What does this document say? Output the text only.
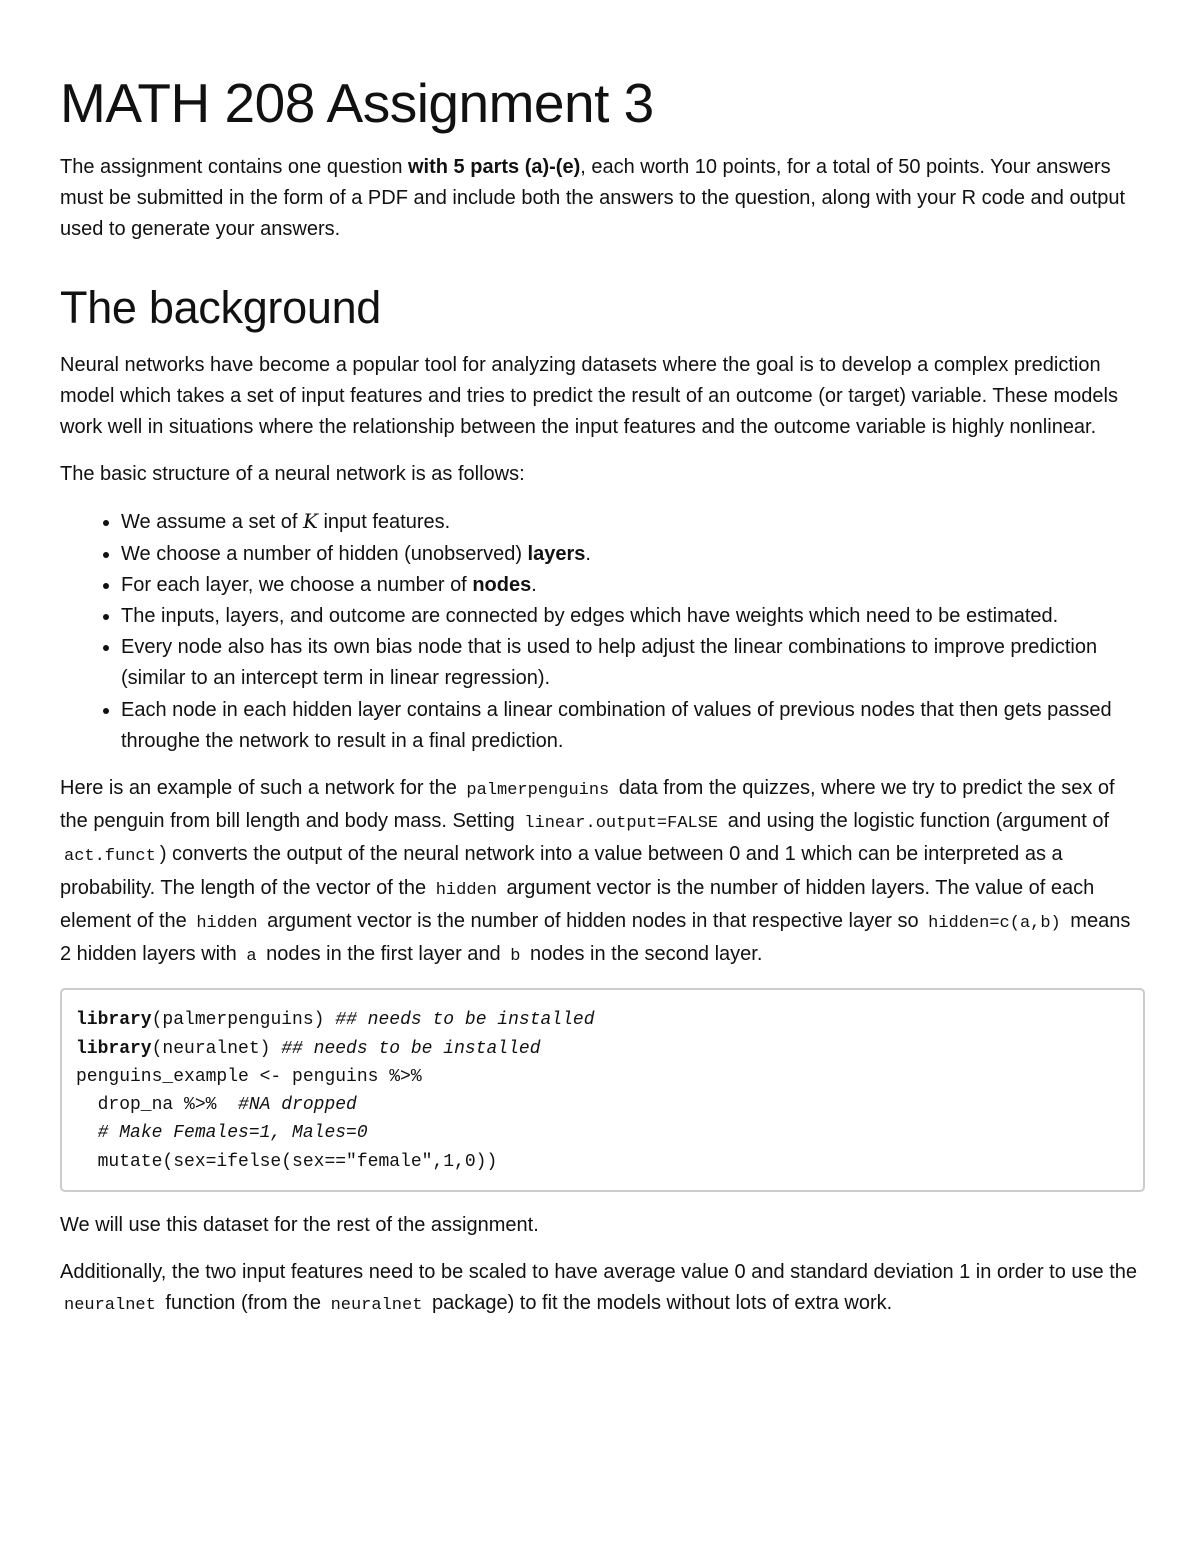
MATH 208 Assignment 3

The assignment contains one question with 5 parts (a)-(e), each worth 10 points, for a total of 50 points. Your answers must be submitted in the form of a PDF and include both the answers to the question, along with your R code and output used to generate your answers.

The background

Neural networks have become a popular tool for analyzing datasets where the goal is to develop a complex prediction model which takes a set of input features and tries to predict the result of an outcome (or target) variable. These models work well in situations where the relationship between the input features and the outcome variable is highly nonlinear.

The basic structure of a neural network is as follows:

• We assume a set of K input features.
• We choose a number of hidden (unobserved) layers.
• For each layer, we choose a number of nodes.
• The inputs, layers, and outcome are connected by edges which have weights which need to be estimated.
• Every node also has its own bias node that is used to help adjust the linear combinations to improve prediction (similar to an intercept term in linear regression).
• Each node in each hidden layer contains a linear combination of values of previous nodes that then gets passed throughe the network to result in a final prediction.

Here is an example of such a network for the palmerpenguins data from the quizzes, where we try to predict the sex of the penguin from bill length and body mass. Setting linear.output=FALSE and using the logistic function (argument of act.funct ) converts the output of the neural network into a value between 0 and 1 which can be interpreted as a probability. The length of the vector of the hidden argument vector is the number of hidden layers. The value of each element of the hidden argument vector is the number of hidden nodes in that respective layer so hidden=c(a,b) means 2 hidden layers with a nodes in the first layer and b nodes in the second layer.

library(palmerpenguins) ## needs to be installed
library(neuralnet) ## needs to be installed
penguins_example <- penguins %>%
drop_na %>%  #NA dropped
# Make Females=1, Males=0
mutate(sex=ifelse(sex=="female",1,0))

We will use this dataset for the rest of the assignment.

Additionally, the two input features need to be scaled to have average value 0 and standard deviation 1 in order to use the neuralnet function (from the neuralnet package) to fit the models without lots of extra work.
